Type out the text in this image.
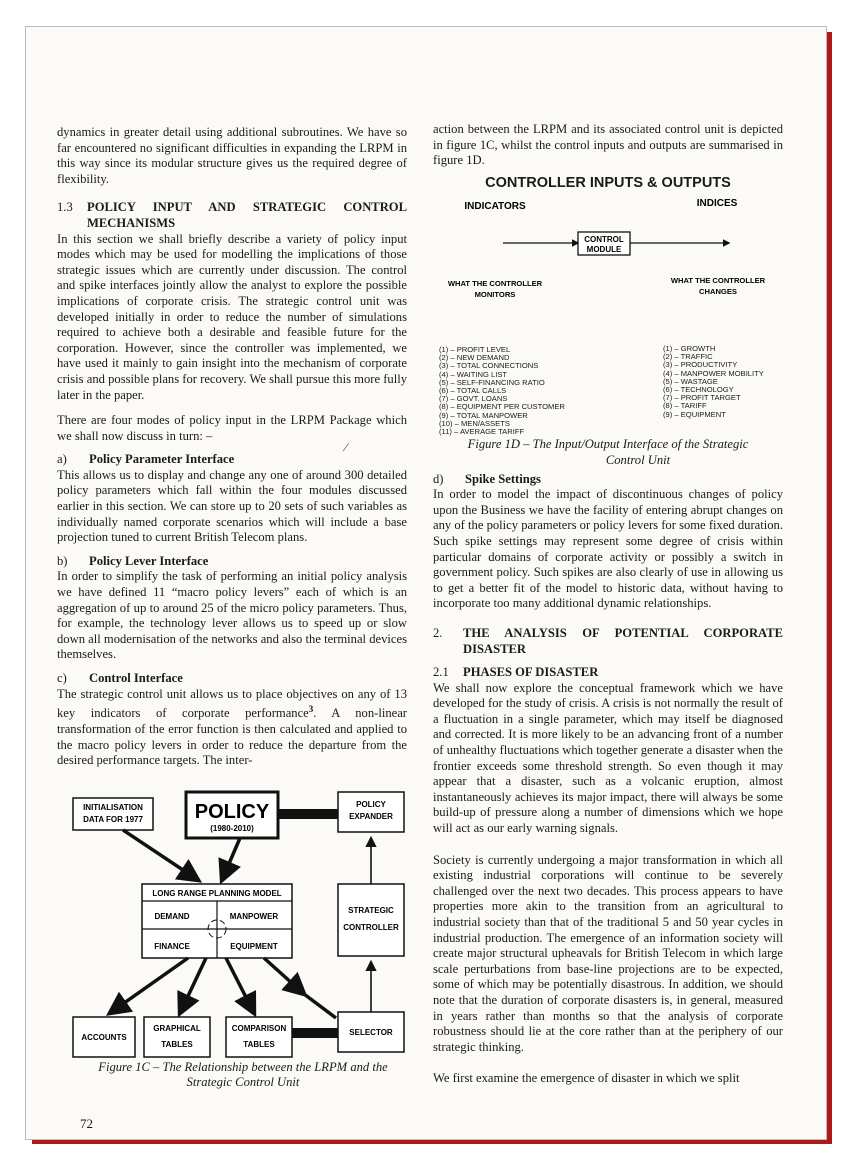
dynamics in greater detail using additional subroutines. We have so far encountered no significant difficulties in expanding the LRPM in this way since its modular structure gives us the required degree of flexibility.

1.3	POLICY INPUT AND STRATEGIC CONTROL MECHANISMS

In this section we shall briefly describe a variety of policy input modes which may be used for modelling the implications of those strategic issues which are currently under discussion. The control and spike interfaces jointly allow the analyst to explore the possible implications of corporate crisis. The strategic control unit was developed initially in order to reduce the number of simulations required to achieve both a desirable and feasible future for the corporation. However, since the controller was implemented, we have used it mainly to gain insight into the mechanism of corporate crisis and possible plans for recovery. We shall pursue this more fully later in the paper.

There are four modes of policy input in the LRPM Package which we shall now discuss in turn: –

a)	Policy Parameter Interface

This allows us to display and change any one of around 300 detailed policy parameters which fall within the four modules discussed earlier in this section. We can store up to 20 sets of such variables as individually named corporate scenarios which will include a base projection tuned to current British Telecom plans.

b)	Policy Lever Interface

In order to simplify the task of performing an initial policy analysis we have defined 11 “macro policy levers” each of which is an aggregation of up to around 25 of the micro policy parameters. Thus, for example, the technology lever allows us to speed up or slow down all modernisation of the networks and also the terminal devices themselves.

c)	Control Interface

The strategic control unit allows us to place objectives on any of 13 key indicators of corporate performance$^3$. A non-linear transformation of the error function is then calculated and applied to the macro policy levers in order to reduce the departure from the desired performance targets. The inter-

∕
INITIALISATION
DATA FOR 1977	POLICY
(1980-2010)
POLICY
EXPANDER
LONG RANGE PLANNING MODEL
DEMAND	MANPOWER
FINANCE	EQUIPMENT
STRATEGIC
CONTROLLER
ACCOUNTS
GRAPHICAL
TABLES
COMPARISON
TABLES
SELECTOR
Figure 1C – The Relationship between the LRPM and the
Strategic Control Unit
72

action between the LRPM and its associated control unit is depicted in figure 1C, whilst the control inputs and outputs are summarised in figure 1D.

CONTROLLER INPUTS & OUTPUTS
INDICATORS	INDICES
CONTROL
MODULE
WHAT THE CONTROLLER
MONITORS
WHAT THE CONTROLLER
CHANGES
(1) – PROFIT LEVEL
(2) – NEW DEMAND
(3) – TOTAL CONNECTIONS
(4) – WAITING LIST
(5) – SELF-FINANCING RATIO
(6) – TOTAL CALLS
(7) – GOVT. LOANS
(8) – EQUIPMENT PER CUSTOMER
(9) – TOTAL MANPOWER
(10) – MEN/ASSETS
(11) – AVERAGE TARIFF
(1) – GROWTH
(2) – TRAFFIC
(3) – PRODUCTIVITY
(4) – MANPOWER MOBILITY
(5) – WASTAGE
(6) – TECHNOLOGY
(7) – PROFIT TARGET
(8) – TARIFF
(9) – EQUIPMENT
Figure 1D – The Input/Output Interface of the Strategic
Control Unit
d)	Spike Settings

In order to model the impact of discontinuous changes of policy upon the Business we have the facility of entering abrupt changes on any of the policy parameters or policy levers for some fixed duration. Such spike settings may represent some degree of crisis within particular domains of corporate activity or possibly a switch in government policy. Such spikes are also clearly of use in allowing us to get a better fit of the model to historic data, without having to incorporate too many additional dynamic relationships.

2.	THE ANALYSIS OF POTENTIAL CORPORATE DISASTER
2.1	PHASES OF DISASTER

We shall now explore the conceptual framework which we have developed for the study of crisis. A crisis is not normally the result of a fluctuation in a single parameter, which may itself be diagnosed and corrected. It is more likely to be an advancing front of a number of unhealthy fluctuations which together generate a disaster when the frontier exceeds some threshold strength. So even though it may appear that a disaster, such as a volcanic eruption, almost instantaneously achieves its major impact, there will always be some build-up of pressure along a number of dimensions which we hope will act as our early warning signals.

Society is currently undergoing a major transformation in which all existing industrial corporations will continue to be severely challenged over the next two decades. This process appears to have properties more akin to the transition from an agricultural to industrial society than that of the traditional 5 and 50 year cycles in industrial production. The emergence of an information society will create major structural upheavals for British Telecom in which large scale perturbations from base-line projections are to be expected, some of which may be potentially disastrous. In addition, we should note that the duration of corporate disasters is, in general, measured in years rather than months so that the analysis of corporate robustness should lie at the core rather than at the periphery of our strategic thinking.

We first examine the emergence of disaster in which we split
